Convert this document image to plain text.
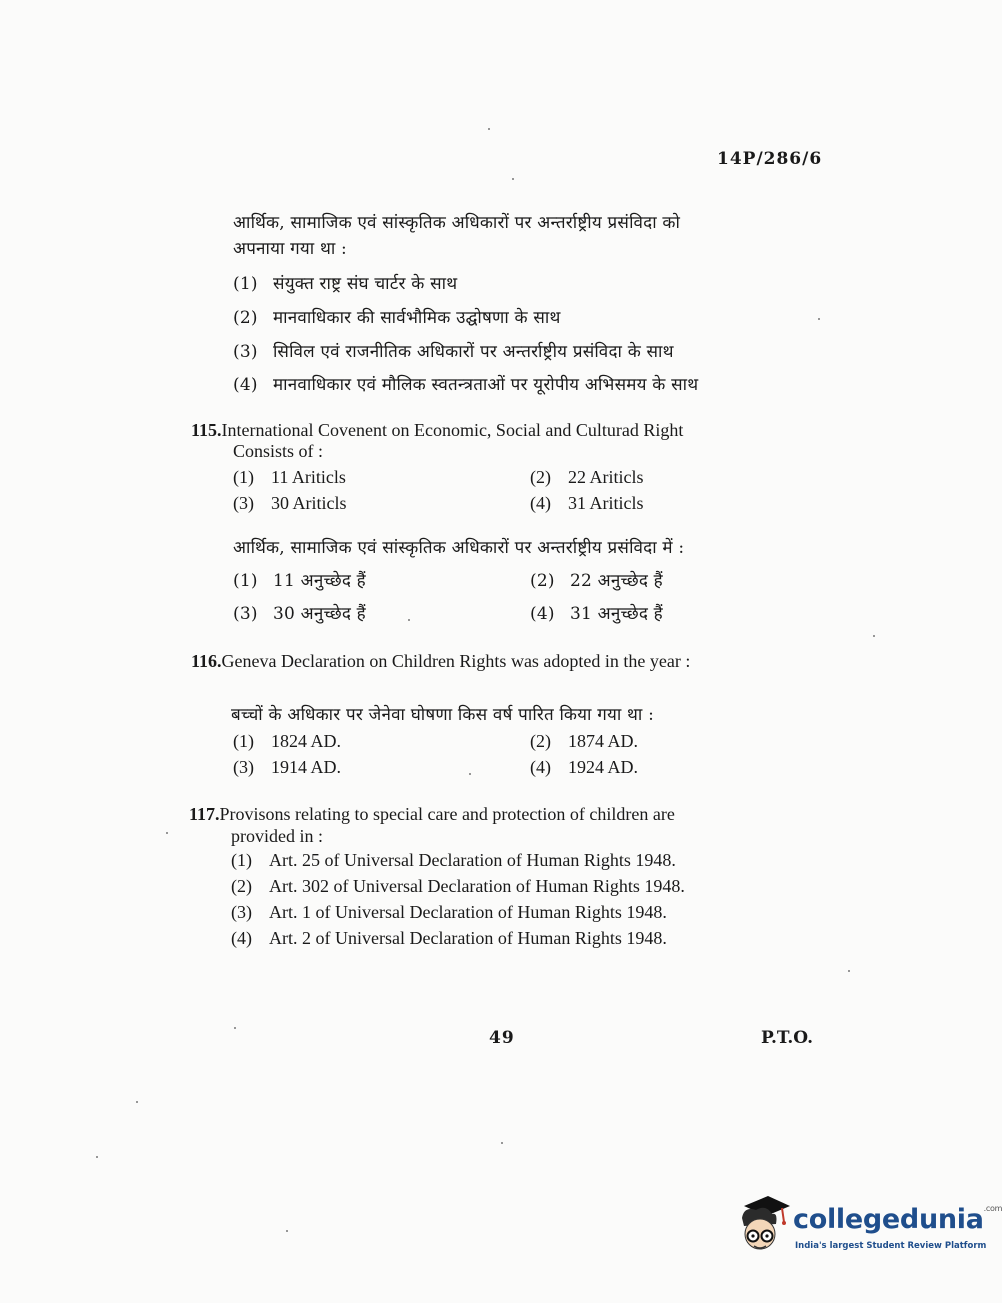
14P/286/6
आर्थिक, सामाजिक एवं सांस्कृतिक अधिकारों पर अन्तर्राष्ट्रीय प्रसंविदा को
अपनाया गया था :
(1) संयुक्त राष्ट्र संघ चार्टर के साथ
(2) मानवाधिकार की सार्वभौमिक उद्घोषणा के साथ
(3) सिविल एवं राजनीतिक अधिकारों पर अन्तर्राष्ट्रीय प्रसंविदा के साथ
(4) मानवाधिकार एवं मौलिक स्वतन्त्रताओं पर यूरोपीय अभिसमय के साथ
115.International Covenent on Economic, Social and Culturad Right
Consists of :
(1) 11 Ariticls	(2) 22 Ariticls
(3) 30 Ariticls	(4) 31 Ariticls
आर्थिक, सामाजिक एवं सांस्कृतिक अधिकारों पर अन्तर्राष्ट्रीय प्रसंविदा में :
(1) 11 अनुच्छेद हैं	(2) 22 अनुच्छेद हैं
(3) 30 अनुच्छेद हैं	(4) 31 अनुच्छेद हैं
116.Geneva Declaration on Children Rights was adopted in the year :
बच्चों के अधिकार पर जेनेवा घोषणा किस वर्ष पारित किया गया था :
(1) 1824 AD.	(2) 1874 AD.
(3) 1914 AD.	(4) 1924 AD.
117.Provisons relating to special care and protection of children are
provided in :
(1) Art. 25 of Universal Declaration of Human Rights 1948.
(2) Art. 302 of Universal Declaration of Human Rights 1948.
(3) Art. 1 of Universal Declaration of Human Rights 1948.
(4) Art. 2 of Universal Declaration of Human Rights 1948.
49	P.T.O.
collegedunia$^{.com}$
India's largest Student Review Platform
